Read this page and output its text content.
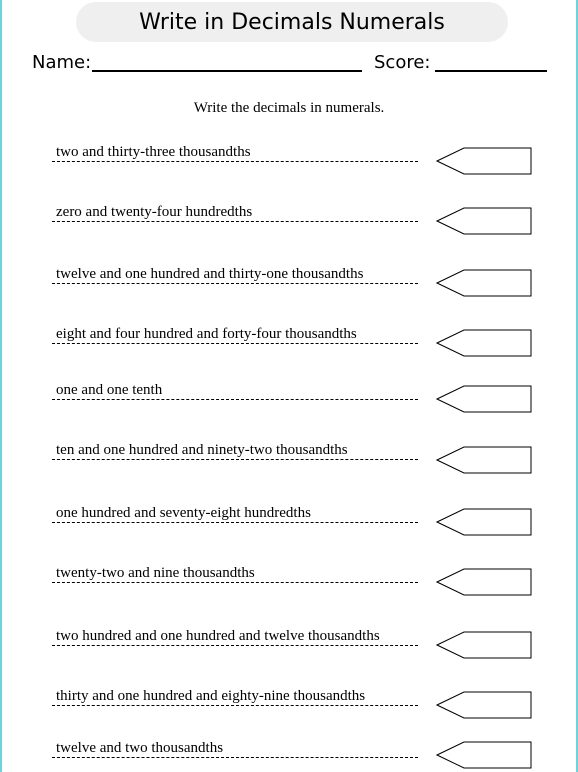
Write in Decimals Numerals
Name:	Score:
Write the decimals in numerals.
two and thirty-three thousandths
zero and twenty-four hundredths
twelve and one hundred and thirty-one thousandths
eight and four hundred and forty-four thousandths
one and one tenth
ten and one hundred and ninety-two thousandths
one hundred and seventy-eight hundredths
twenty-two and nine thousandths
two hundred and one hundred and twelve thousandths
thirty and one hundred and eighty-nine thousandths
twelve and two thousandths
